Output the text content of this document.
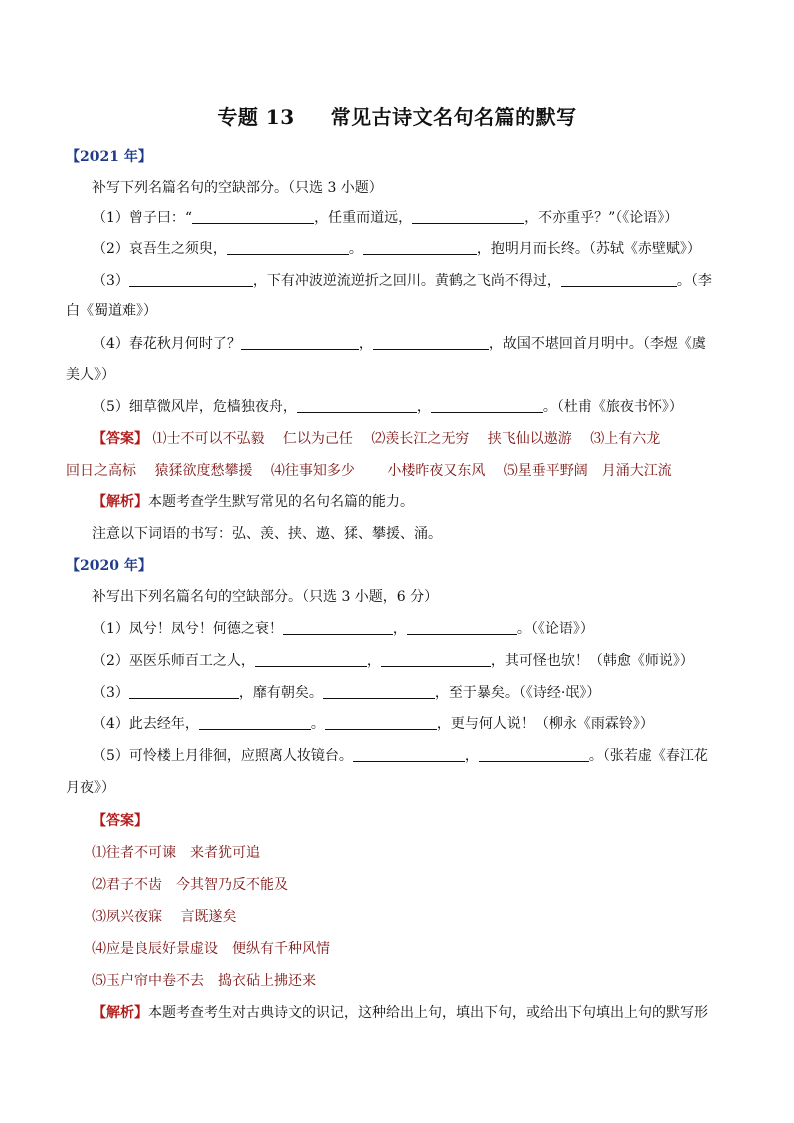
专题 13 常见古诗文名句名篇的默写
【2021 年】
补写下列名篇名句的空缺部分。（只选 3 小题）
（1）曾子曰：“	，任重而道远，	，不亦重乎？”（《论语》）
（2）哀吾生之须臾，	。	，抱明月而长终。（苏轼《赤壁赋》）
（3）	，下有冲波逆流逆折之回川。黄鹤之飞尚不得过，	。（李
白《蜀道难》）
（4）春花秋月何时了？	，	，故国不堪回首月明中。（李煜《虞
美人》）
（5）细草微风岸，危樯独夜舟，	，	。（杜甫《旅夜书怀》）
【答案】 ⑴士不可以不弘毅　 仁以为己任　 ⑵羡长江之无穷　 挟飞仙以遨游　 ⑶上有六龙
回日之高标　 猿猱欲度愁攀援　 ⑷往事知多少　　 小楼昨夜又东风　 ⑸星垂平野阔　月涌大江流
【解析】本题考查学生默写常见的名句名篇的能力。
注意以下词语的书写：弘、羡、挟、遨、猱、攀援、涌。
【2020 年】
补写出下列名篇名句的空缺部分。（只选 3 小题，6 分）
（1）凤兮！凤兮！何德之衰！	，	。（《论语》）
（2）巫医乐师百工之人，	，	，其可怪也欤！（韩愈《师说》）
（3）	，靡有朝矣。	，至于暴矣。（《诗经·氓》）
（4）此去经年，	。	，更与何人说！（柳永《雨霖铃》）
（5）可怜楼上月徘徊，应照离人妆镜台。	，	。（张若虚《春江花
月夜》）
【答案】
⑴往者不可谏　来者犹可追
⑵君子不齿　今其智乃反不能及
⑶夙兴夜寐　 言既遂矣
⑷应是良辰好景虚设　便纵有千种风情
⑸玉户帘中卷不去　捣衣砧上拂还来
【解析】本题考查考生对古典诗文的识记，这种给出上句，填出下句，或给出下句填出上句的默写形
